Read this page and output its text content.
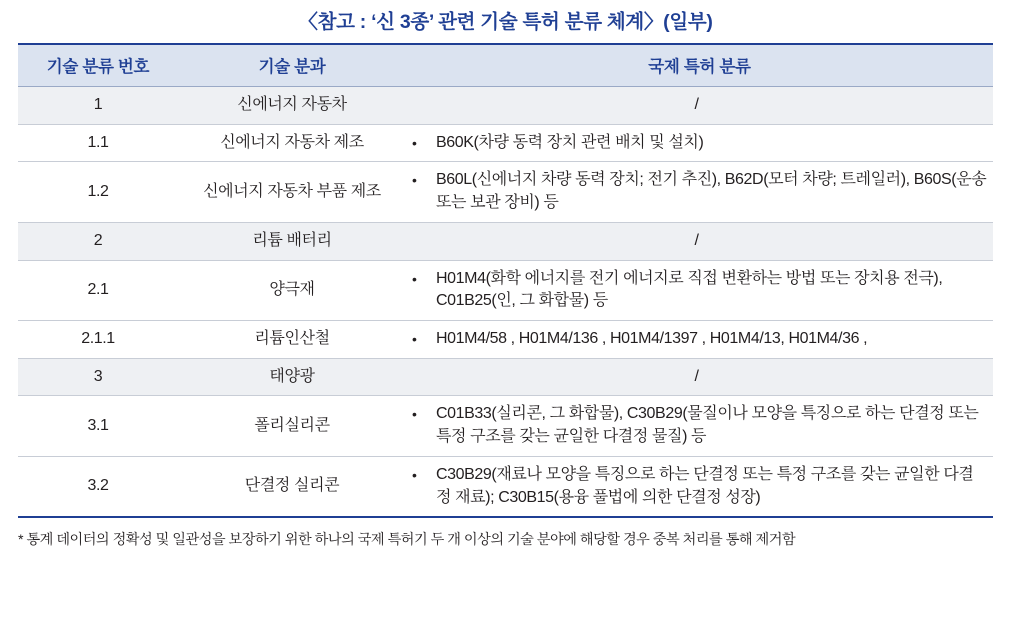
〈참고 : ‘신 3종’ 관련 기술 특허 분류 체계〉(일부)
기술 분류 번호	기술 분과	국제 특허 분류
1	신에너지 자동차	/
1.1	신에너지 자동차 제조	• B60K(차량 동력 장치 관련 배치 및 설치)

1.2	신에너지 자동차 부품 제조	• B60L(신에너지 차량 동력 장치; 전기 추진), B62D(모터 차량; 트레일러), B60S(운송 또는 보관 장비) 등

2	리튬 배터리	/
2.1	양극재	• H01M4(화학 에너지를 전기 에너지로 직접 변환하는 방법 또는 장치용 전극), C01B25(인, 그 화합물) 등

2.1.1	리튬인산철	• H01M4/58 , H01M4/136 , H01M4/1397 , H01M4/13, H01M4/36 ,

3	태양광	/
3.1	폴리실리콘	• C01B33(실리콘, 그 화합물), C30B29(물질이나 모양을 특징으로 하는 단결정 또는 특정 구조를 갖는 균일한 다결정 물질) 등

3.2	단결정 실리콘	• C30B29(재료나 모양을 특징으로 하는 단결정 또는 특정 구조를 갖는 균일한 다결정 재료); C30B15(용융 풀법에 의한 단결정 성장)
* 통계 데이터의 정확성 및 일관성을 보장하기 위한 하나의 국제 특허기 두 개 이상의 기술 분야에 해당할 경우 중복 처리를 통해 제거함
